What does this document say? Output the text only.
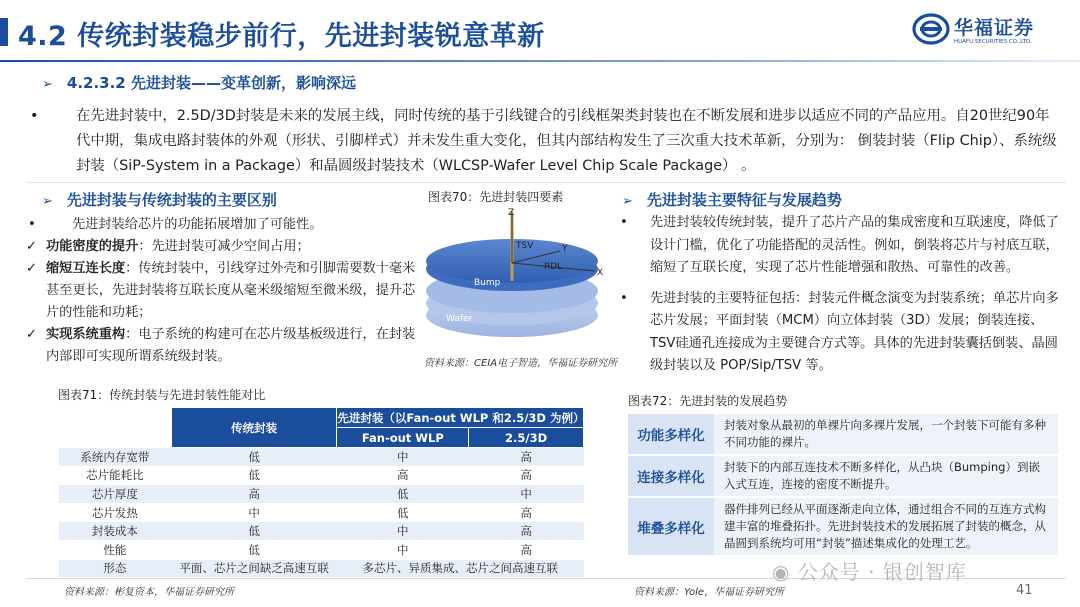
4.2 传统封装稳步前行，先进封装锐意革新	华福证券
HUAFU SECURITIES CO.,LTD.
➢ 4.2.3.2 先进封装——变革创新，影响深远
•	在先进封装中，2.5D/3D封装是未来的发展主线，同时传统的基于引线键合的引线框架类封装也在不断发展和进步以适应不同的产品应用。自20世纪90年代中期，集成电路封装体的外观（形状、引脚样式）并未发生重大变化，但其内部结构发生了三次重大技术革新，分别为： 倒装封装（Flip Chip）、系统级封装（SiP-System in a Package）和晶圆级封装技术（WLCSP-Wafer Level Chip Scale Package） 。

➢ 先进封装与传统封装的主要区别
•	先进封装给芯片的功能拓展增加了可能性。
✓ 功能密度的提升：先进封装可减少空间占用；
✓ 缩短互连长度：传统封装中，引线穿过外壳和引脚需要数十毫米甚至更长，先进封装将互联长度从毫米级缩短至微米级，提升芯片的性能和功耗；
✓ 实现系统重构：电子系统的构建可在芯片级基板级进行，在封装内部即可实现所谓系统级封装。
图表70：先进封装四要素
Z
TSV	Y
RDL
X
Bump
Wafer
资料来源：CEIA电子智造，华福证券研究所
➢ 先进封装主要特征与发展趋势
• 先进封装较传统封装，提升了芯片产品的集成密度和互联速度，降低了设计门槛，优化了功能搭配的灵活性。例如，倒装将芯片与衬底互联，缩短了互联长度，实现了芯片性能增强和散热、可靠性的改善。
• 先进封装的主要特征包括：封装元件概念演变为封装系统；单芯片向多芯片发展；平面封装（MCM）向立体封装（3D）发展；倒装连接、TSV硅通孔连接成为主要键合方式等。具体的先进封装囊括倒装、晶圆级封装以及 POP/Sip/TSV 等。
图表71：传统封装与先进封装性能对比
	传统封装	先进封装（以Fan-out WLP 和2.5/3D 为例）	
		Fan-out WLP	2.5/3D
系统内存宽带	低	中	高
芯片能耗比	低	高	高
芯片厚度	高	低	中
芯片发热	中	低	高
封装成本	低	中	高
性能	低	中	高
形态	平面、芯片之间缺乏高速互联	多芯片、异质集成、芯片之间高速互联	
资料来源：彬复资本，华福证券研究所
图表72：先进封装的发展趋势
功能多样化	封装对象从最初的单裸片向多裸片发展，一个封装下可能有多种不同功能的裸片。
连接多样化	封装下的内部互连技术不断多样化，从凸块（Bumping）到嵌入式互连，连接的密度不断提升。
堆叠多样化	器件排列已经从平面逐渐走向立体，通过组合不同的互连方式构建丰富的堆叠拓扑。先进封装技术的发展拓展了封装的概念，从晶圆到系统均可用“封装”描述集成化的处理工艺。
资料来源：Yole，华福证券研究所
◉ 公众号 · 银创智库
41
